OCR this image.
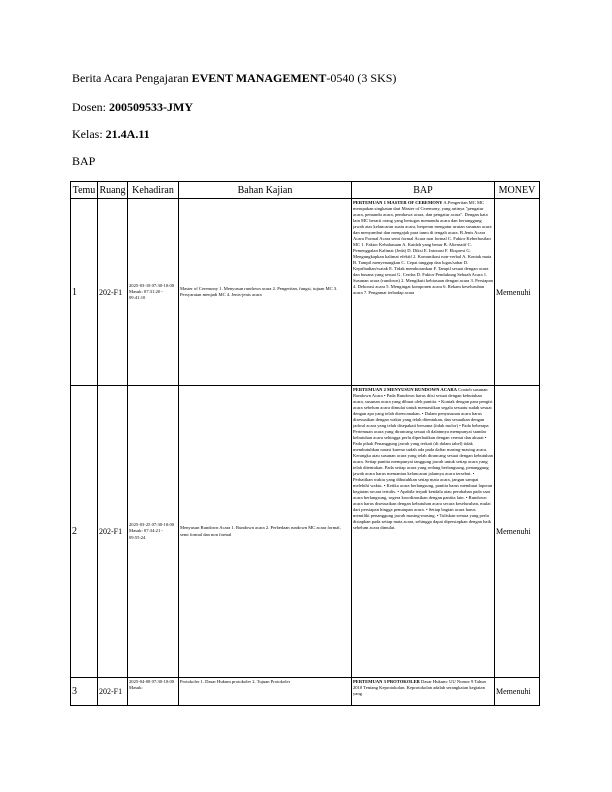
Berita Acara Pengajaran EVENT MANAGEMENT-0540 (3 SKS)
Dosen: 200509533-JMY
Kelas: 21.4A.11
BAP
Temu	Ruang	Kehadiran	Bahan Kajian	BAP	MONEV
1	202-F1	2025-03-18 07:30-10:00 Masuk: 07:31:20 - 09:41:10	Master of Ceremony 1. Menyusun rundown acara 2. Pengertian, fungsi, tujuan MC 3. Persyaratan menjadi MC 4. Jenis-jenis acara	PERTEMUAN 1 MASTER OF CEREMONY A.Pengertian MC MC merupakan singkatan dari Master of Ceremony, yang artinya "pengatur acara, pemandu acara, pembawa acara, dan pengatur acara". Dengan kata lain MC berarti orang yang bertugas memandu acara dan bertanggung jawab atas kelancaran suatu acara, berperan mengatur urutan susunan acara dan menyambut dan mengajak para tamu di tengah acara. B.Jenis Acara Acara Formal Acara semi formal Acara non formal C. Faktor Keberhasilan MC 1. Faktor Kebahasaan A. Kaidah yang benar B. Alternatif C. Pemenggalan Kalimat (Jeda) D. Diksi E. Intonasi F. Ekspresi G. Mengungkapkan kalimat efektif 2. Komunikasi non-verbal A. Kontak mata B. Tampil menyenangkan C. Cepat tanggap dan lugas/sabar D. Kepribadian/watak E. Tidak membosankan F. Tampil sesuai dengan acara dan busana yang sesuai G. Cerdas D. Faktor Pendukung Sebuah Acara 1. Susunan acara (rundown) 2. Mengikuti kebiasaan dengan acara 3. Persiapan 4. Dekorasi acara 5. Mengingat komponen acara 6. Rekam keseluruhan acara 7. Pengamat terhadap acara	Memenuhi
2	202-F1	2025-03-25 07:30-10:00 Masuk: 07:34:21 - 09:55:24	Menyusun Rundown Acara 1. Rundown acara 2. Perbedaan rundown MC acara formal, semi formal dan non formal	PERTEMUAN 2 MENYUSUN RUNDOWN ACARA Contoh susunan Rundown Acara • Pada Rundown harus diisi sesuai dengan kebutuhan acara, susunan acara yang dibuat oleh panitia. • Kontak dengan para pengisi acara sebelum acara dimulai untuk memastikan segala sesuatu sudah sesuai dengan apa yang telah direncanakan. • Dalam penyusunan acara harus disesuaikan dengan waktu yang telah ditentukan, dan sesuaikan dengan jadwal acara yang telah disepakati bersama (tidak molor) • Pada beberapa Pertemuan acara yang dirancang sesuai di dalamnya mempunyai standar kebutuhan acara sehingga perlu diperhatikan dengan cermat dan akurat • Pada pihak Penanggung jawab yang terkait (di dalam tabel) tidak membutuhkan narasi karena sudah ada pada daftar masing-masing acara. Kerangka atau susunan acara yang telah dirancang sesuai dengan kebutuhan acara. Setiap panitia mempunyai tanggung jawab untuk setiap acara yang telah ditentukan. Pada setiap acara yang sedang berlangsung, penanggung jawab acara harus memantau kelancaran jalannya acara tersebut. • Perhatikan waktu yang dibutuhkan setiap mata acara, jangan sampai melebihi waktu. • Ketika acara berlangsung, panitia harus membuat laporan kegiatan secara tertulis. • Apabila terjadi kendala atau perubahan pada saat acara berlangsung, segera koordinasikan dengan panitia lain. • Rundown acara harus disesuaikan dengan kebutuhan acara secara keseluruhan, mulai dari persiapan hingga penutupan acara. • Setiap bagian acara harus memiliki penanggung jawab masing-masing. • Tuliskan semua yang perlu disiapkan pada setiap mata acara, sehingga dapat dipersiapkan dengan baik sebelum acara dimulai.	Memenuhi
3	202-F1	2025-04-08 07:30-10:00 Masuk:	Protokoler 1. Dasar Hukum protokoler 2. Tujuan Protokoler	PERTEMUAN 3 PROTOKOLER Dasar Hukum: UU Nomor 9 Tahun 2010 Tentang Keprotokolan. Keprotokolan adalah serangkaian kegiatan yang	Memenuhi
